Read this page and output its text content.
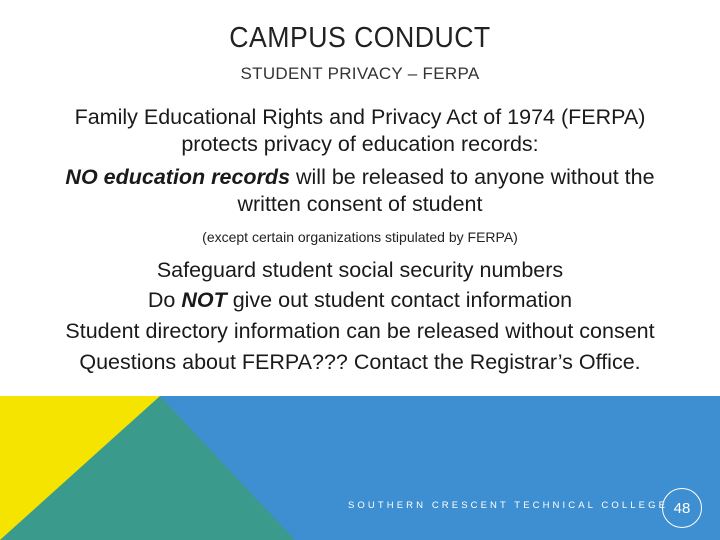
CAMPUS CONDUCT
STUDENT PRIVACY – FERPA
Family Educational Rights and Privacy Act of 1974 (FERPA)
protects privacy of education records:
NO education records will be released to anyone without the
written consent of student
(except certain organizations stipulated by FERPA)
Safeguard student social security numbers
Do NOT give out student contact information
Student directory information can be released without consent
Questions about FERPA??? Contact the Registrar’s Office.
SOUTHERN CRESCENT TECHNICAL COLLEGE 48
